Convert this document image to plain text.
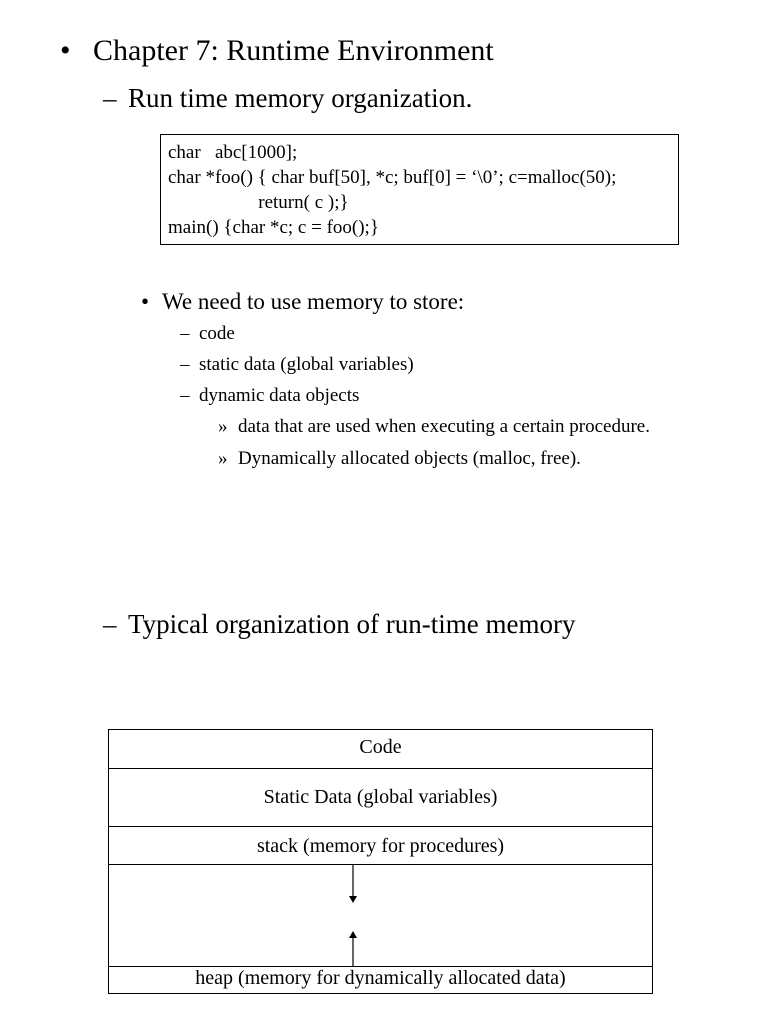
• Chapter 7: Runtime Environment
– Run time memory organization.
char   abc[1000];
char *foo() { char buf[50], *c; buf[0] = ‘\0’; c=malloc(50);
return( c );}
main() {char *c; c = foo();}
• We need to use memory to store:
– code
– static data (global variables)
– dynamic data objects
» data that are used when executing a certain procedure.
» Dynamically allocated objects (malloc, free).
– Typical organization of run-time memory
Code
Static Data (global variables)
stack (memory for procedures)
heap (memory for dynamically allocated data)
